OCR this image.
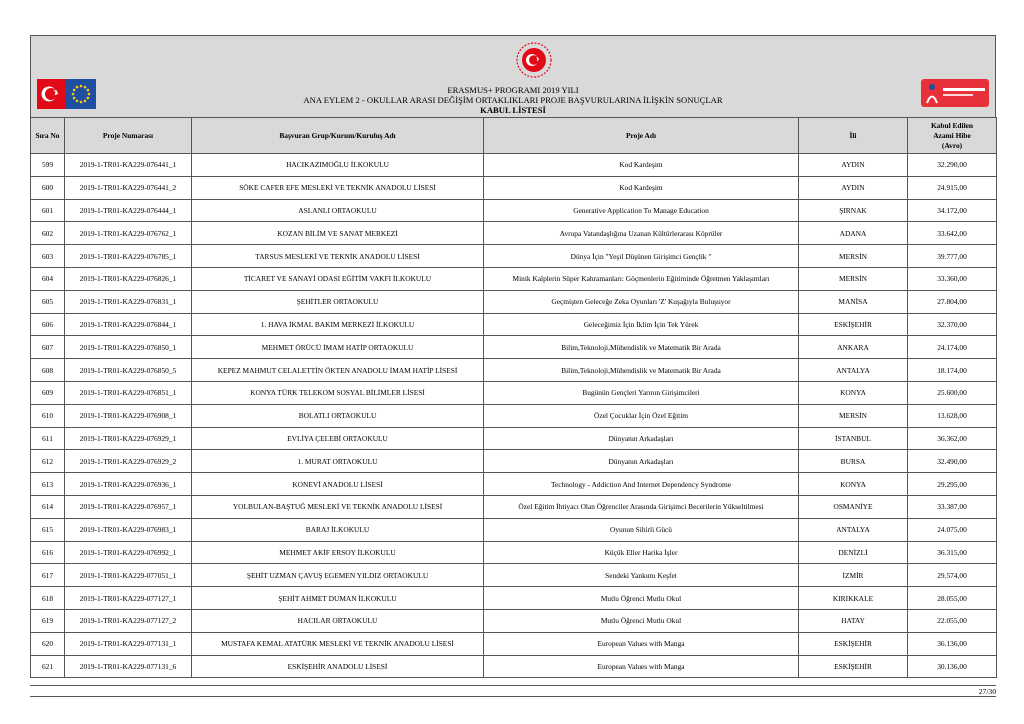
ERASMUS+ PROGRAMI 2019 YILI
ANA EYLEM 2 - OKULLAR ARASI DEĞİŞİM ORTAKLIKLARI PROJE BAŞVURULARINA İLİŞKİN SONUÇLAR
KABUL LİSTESİ
Sıra No	Proje Numarası	Başvuran Grup/Kurum/Kuruluş Adı	Proje Adı	İli	Kabul Edilen
Azami Hibe
(Avro)

599	2019-1-TR01-KA229-076441_1	HACIKAZIMOĞLU İLKOKULU	Kod Kardeşim	AYDIN	32.290,00
600	2019-1-TR01-KA229-076441_2	SÖKE CAFER EFE MESLEKİ VE TEKNİK ANADOLU LİSESİ	Kod Kardeşim	AYDIN	24.915,00
601	2019-1-TR01-KA229-076444_1	ASLANLI ORTAOKULU	Generative Application To Manage Education	ŞIRNAK	34.172,00
602	2019-1-TR01-KA229-076762_1	KOZAN BİLİM VE SANAT MERKEZİ	Avrupa Vatandaşlığına Uzanan Kültürlerarası Köprüler	ADANA	33.642,00
603	2019-1-TR01-KA229-076785_1	TARSUS MESLEKİ VE TEKNİK ANADOLU LİSESİ	Dünya İçin "Yeşil Düşünen Girişimci Gençlik "	MERSİN	39.777,00
604	2019-1-TR01-KA229-076826_1	TİCARET VE SANAYİ ODASI EĞİTİM VAKFI İLKOKULU	Minik Kalplerin Süper Kahramanları: Göçmenlerin Eğitiminde Öğretmen Yaklaşımları	MERSİN	33.360,00
605	2019-1-TR01-KA229-076831_1	ŞEHİTLER ORTAOKULU	Geçmişten Geleceğe Zeka Oyunları 'Z' Kuşağıyla Buluşuyor	MANİSA	27.804,00
606	2019-1-TR01-KA229-076844_1	1. HAVA İKMAL BAKIM MERKEZİ İLKOKULU	Geleceğimiz İçin İklim İçin Tek Yürek	ESKİŞEHİR	32.370,00
607	2019-1-TR01-KA229-076850_1	MEHMET ÖRÜCÜ İMAM HATİP ORTAOKULU	Bilim,Teknoloji,Mühendislik ve Matematik Bir Arada	ANKARA	24.174,00
608	2019-1-TR01-KA229-076850_5	KEPEZ MAHMUT CELALETTİN ÖKTEN ANADOLU İMAM HATİP LİSESİ	Bilim,Teknoloji,Mühendislik ve Matematik Bir Arada	ANTALYA	18.174,00
609	2019-1-TR01-KA229-076851_1	KONYA TÜRK TELEKOM SOSYAL BİLİMLER LİSESİ	Bugünün Gençleri Yarının Girişimcileri	KONYA	25.600,00
610	2019-1-TR01-KA229-076908_1	BOLATLI ORTAOKULU	Özel Çocuklar İçin Özel Eğitim	MERSİN	13.628,00
611	2019-1-TR01-KA229-076929_1	EVLİYA ÇELEBİ ORTAOKULU	Dünyanın Arkadaşları	İSTANBUL	36.362,00
612	2019-1-TR01-KA229-076929_2	1. MURAT ORTAOKULU	Dünyanın Arkadaşları	BURSA	32.490,00
613	2019-1-TR01-KA229-076936_1	KONEVİ ANADOLU LİSESİ	Technology - Addiction And Internet Dependency Syndrome	KONYA	29.295,00
614	2019-1-TR01-KA229-076957_1	YOLBULAN-BAŞTUĞ MESLEKİ VE TEKNİK ANADOLU LİSESİ	Özel Eğitim İhtiyacı Olan Öğrenciler Arasında Girişimci Becerilerin Yükseltilmesi	OSMANİYE	33.387,00
615	2019-1-TR01-KA229-076983_1	BARAJ İLKOKULU	Oyunun Sihirli Gücü	ANTALYA	24.075,00
616	2019-1-TR01-KA229-076992_1	MEHMET AKİF ERSOY İLKOKULU	Küçük Eller Harika İşler	DENİZLİ	36.315,00
617	2019-1-TR01-KA229-077051_1	ŞEHİT UZMAN ÇAVUŞ EGEMEN YILDIZ ORTAOKULU	Sendeki Yankımı Keşfet	İZMİR	29.574,00
618	2019-1-TR01-KA229-077127_1	ŞEHİT AHMET DUMAN İLKOKULU	Mutlu Öğrenci Mutlu Okul	KIRIKKALE	28.055,00
619	2019-1-TR01-KA229-077127_2	HACILAR ORTAOKULU	Mutlu Öğrenci Mutlu Okul	HATAY	22.055,00
620	2019-1-TR01-KA229-077131_1	MUSTAFA KEMAL ATATÜRK MESLEKİ VE TEKNİK ANADOLU LİSESİ	European Values with Manga	ESKİŞEHİR	36.136,00
621	2019-1-TR01-KA229-077131_6	ESKİŞEHİR ANADOLU LİSESİ	European Values with Manga	ESKİŞEHİR	30.136,00
27/30
